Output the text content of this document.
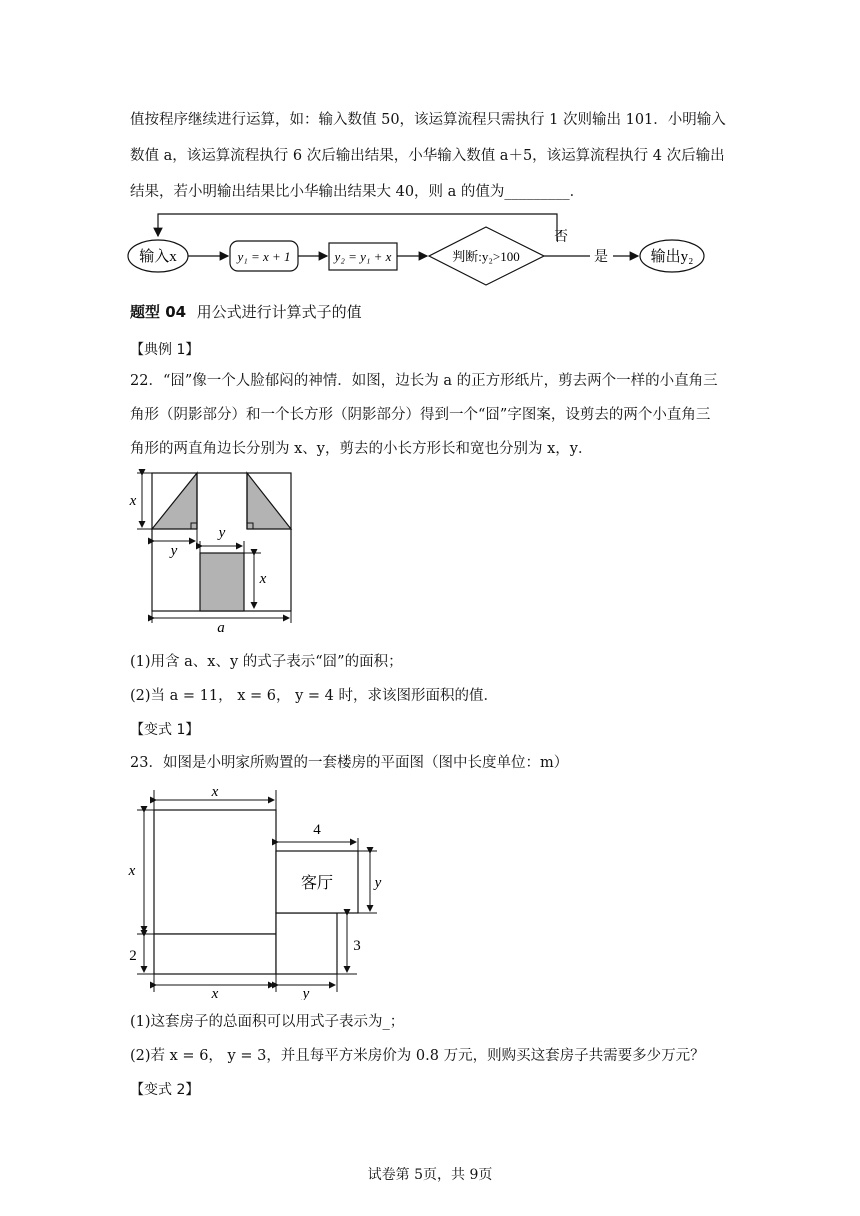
值按程序继续进行运算，如：输入数值 50，该运算流程只需执行 1 次则输出 101．小明输入
数值 a，该运算流程执行 6 次后输出结果，小华输入数值 a＋5，该运算流程执行 4 次后输出
结果，若小明输出结果比小华输出结果大 40，则 a 的值为_________．
输入x	y₁ = x + 1	y₂ = y₁ + x	判断:y₂>100
否
是	输出y₂
题型 04 用公式进行计算式子的值
【典例 1】
22．“囧”像一个人脸郁闷的神情．如图，边长为 a 的正方形纸片，剪去两个一样的小直角三
角形（阴影部分）和一个长方形（阴影部分）得到一个“囧”字图案，设剪去的两个小直角三
角形的两直角边长分别为 x、y，剪去的小长方形长和宽也分别为 x，y．
x
y
y
x
a
(1)用含 a、x、y 的式子表示“囧”的面积；
(2)当 a = 11， x = 6， y = 4 时，求该图形面积的值．
【变式 1】
23．如图是小明家所购置的一套楼房的平面图（图中长度单位：m）
客厅
x
x
2
4
y
3
x	y
(1)这套房子的总面积可以用式子表示为_；
(2)若 x = 6， y = 3，并且每平方米房价为 0.8 万元，则购买这套房子共需要多少万元？
【变式 2】
试卷第 5页，共 9页
